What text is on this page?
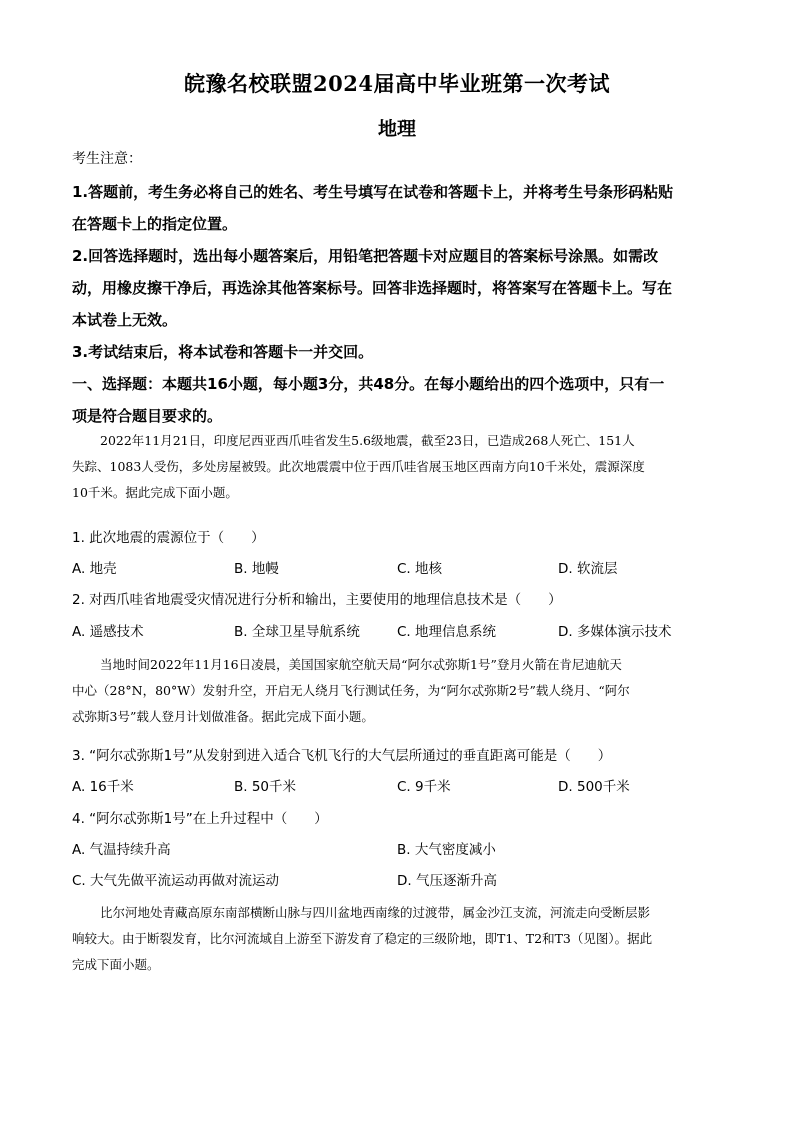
皖豫名校联盟2024届高中毕业班第一次考试
地理
考生注意：
1.答题前，考生务必将自己的姓名、考生号填写在试卷和答题卡上，并将考生号条形码粘贴
在答题卡上的指定位置。
2.回答选择题时，选出每小题答案后，用铅笔把答题卡对应题目的答案标号涂黑。如需改
动，用橡皮擦干净后，再选涂其他答案标号。回答非选择题时，将答案写在答题卡上。写在
本试卷上无效。
3.考试结束后，将本试卷和答题卡一并交回。
一、选择题：本题共16小题，每小题3分，共48分。在每小题给出的四个选项中，只有一
项是符合题目要求的。
2022年11月21日，印度尼西亚西爪哇省发生5.6级地震，截至23日，已造成268人死亡、151人
失踪、1083人受伤，多处房屋被毁。此次地震震中位于西爪哇省展玉地区西南方向10千米处，震源深度
10千米。据此完成下面小题。
1. 此次地震的震源位于（　　）
A. 地壳	B. 地幔	C. 地核	D. 软流层
2. 对西爪哇省地震受灾情况进行分析和输出，主要使用的地理信息技术是（　　）
A. 遥感技术	B. 全球卫星导航系统	C. 地理信息系统	D. 多媒体演示技术
当地时间2022年11月16日凌晨，美国国家航空航天局“阿尔忒弥斯1号”登月火箭在肯尼迪航天
中心（28°N，80°W）发射升空，开启无人绕月飞行测试任务，为“阿尔忒弥斯2号”载人绕月、“阿尔
忒弥斯3号”载人登月计划做准备。据此完成下面小题。
3. “阿尔忒弥斯1号”从发射到进入适合飞机飞行的大气层所通过的垂直距离可能是（　　）
A. 16千米	B. 50千米	C. 9千米	D. 500千米
4. “阿尔忒弥斯1号”在上升过程中（　　）
A. 气温持续升高	B. 大气密度减小
C. 大气先做平流运动再做对流运动	D. 气压逐渐升高
比尔河地处青藏高原东南部横断山脉与四川盆地西南缘的过渡带，属金沙江支流，河流走向受断层影
响较大。由于断裂发育，比尔河流域自上游至下游发育了稳定的三级阶地，即T1、T2和T3（见图）。据此
完成下面小题。
